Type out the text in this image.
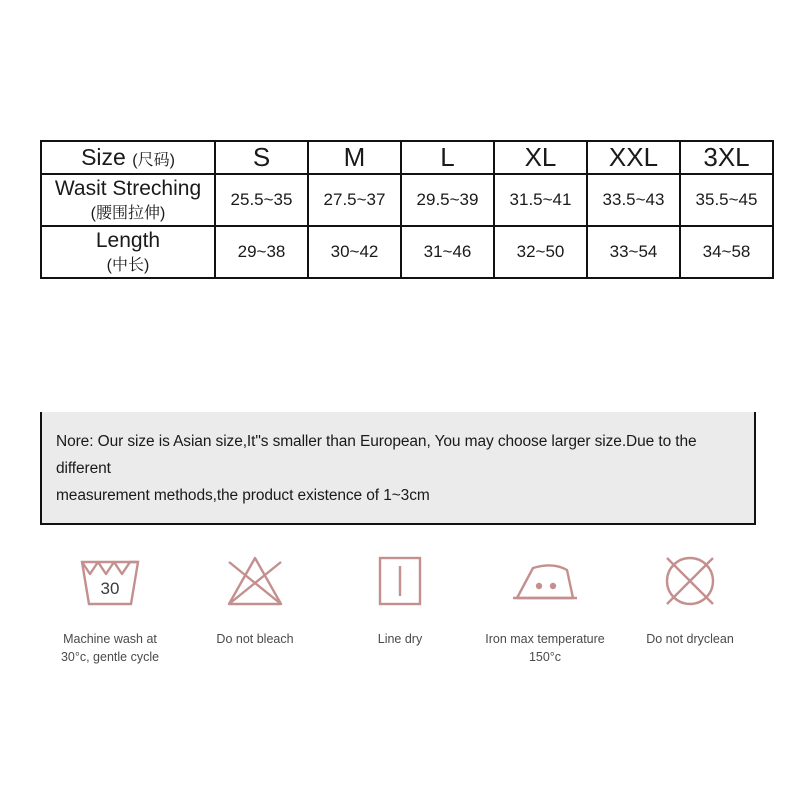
Size (尺码)	S	M	L	XL	XXL	3XL
Wasit Streching
(腰围拉伸)	25.5~35	27.5~37	29.5~39	31.5~41	33.5~43	35.5~45
Length
(中长)	29~38	30~42	31~46	32~50	33~54	34~58

Nore: Our size is Asian size,It"s smaller than European, You may choose larger size.Due to the different

measurement methods,the product existence of 1~3cm

30
Machine wash at
30°c, gentle cycle
Do not bleach	Line dry	Iron max temperature 150°c
Do not dryclean
